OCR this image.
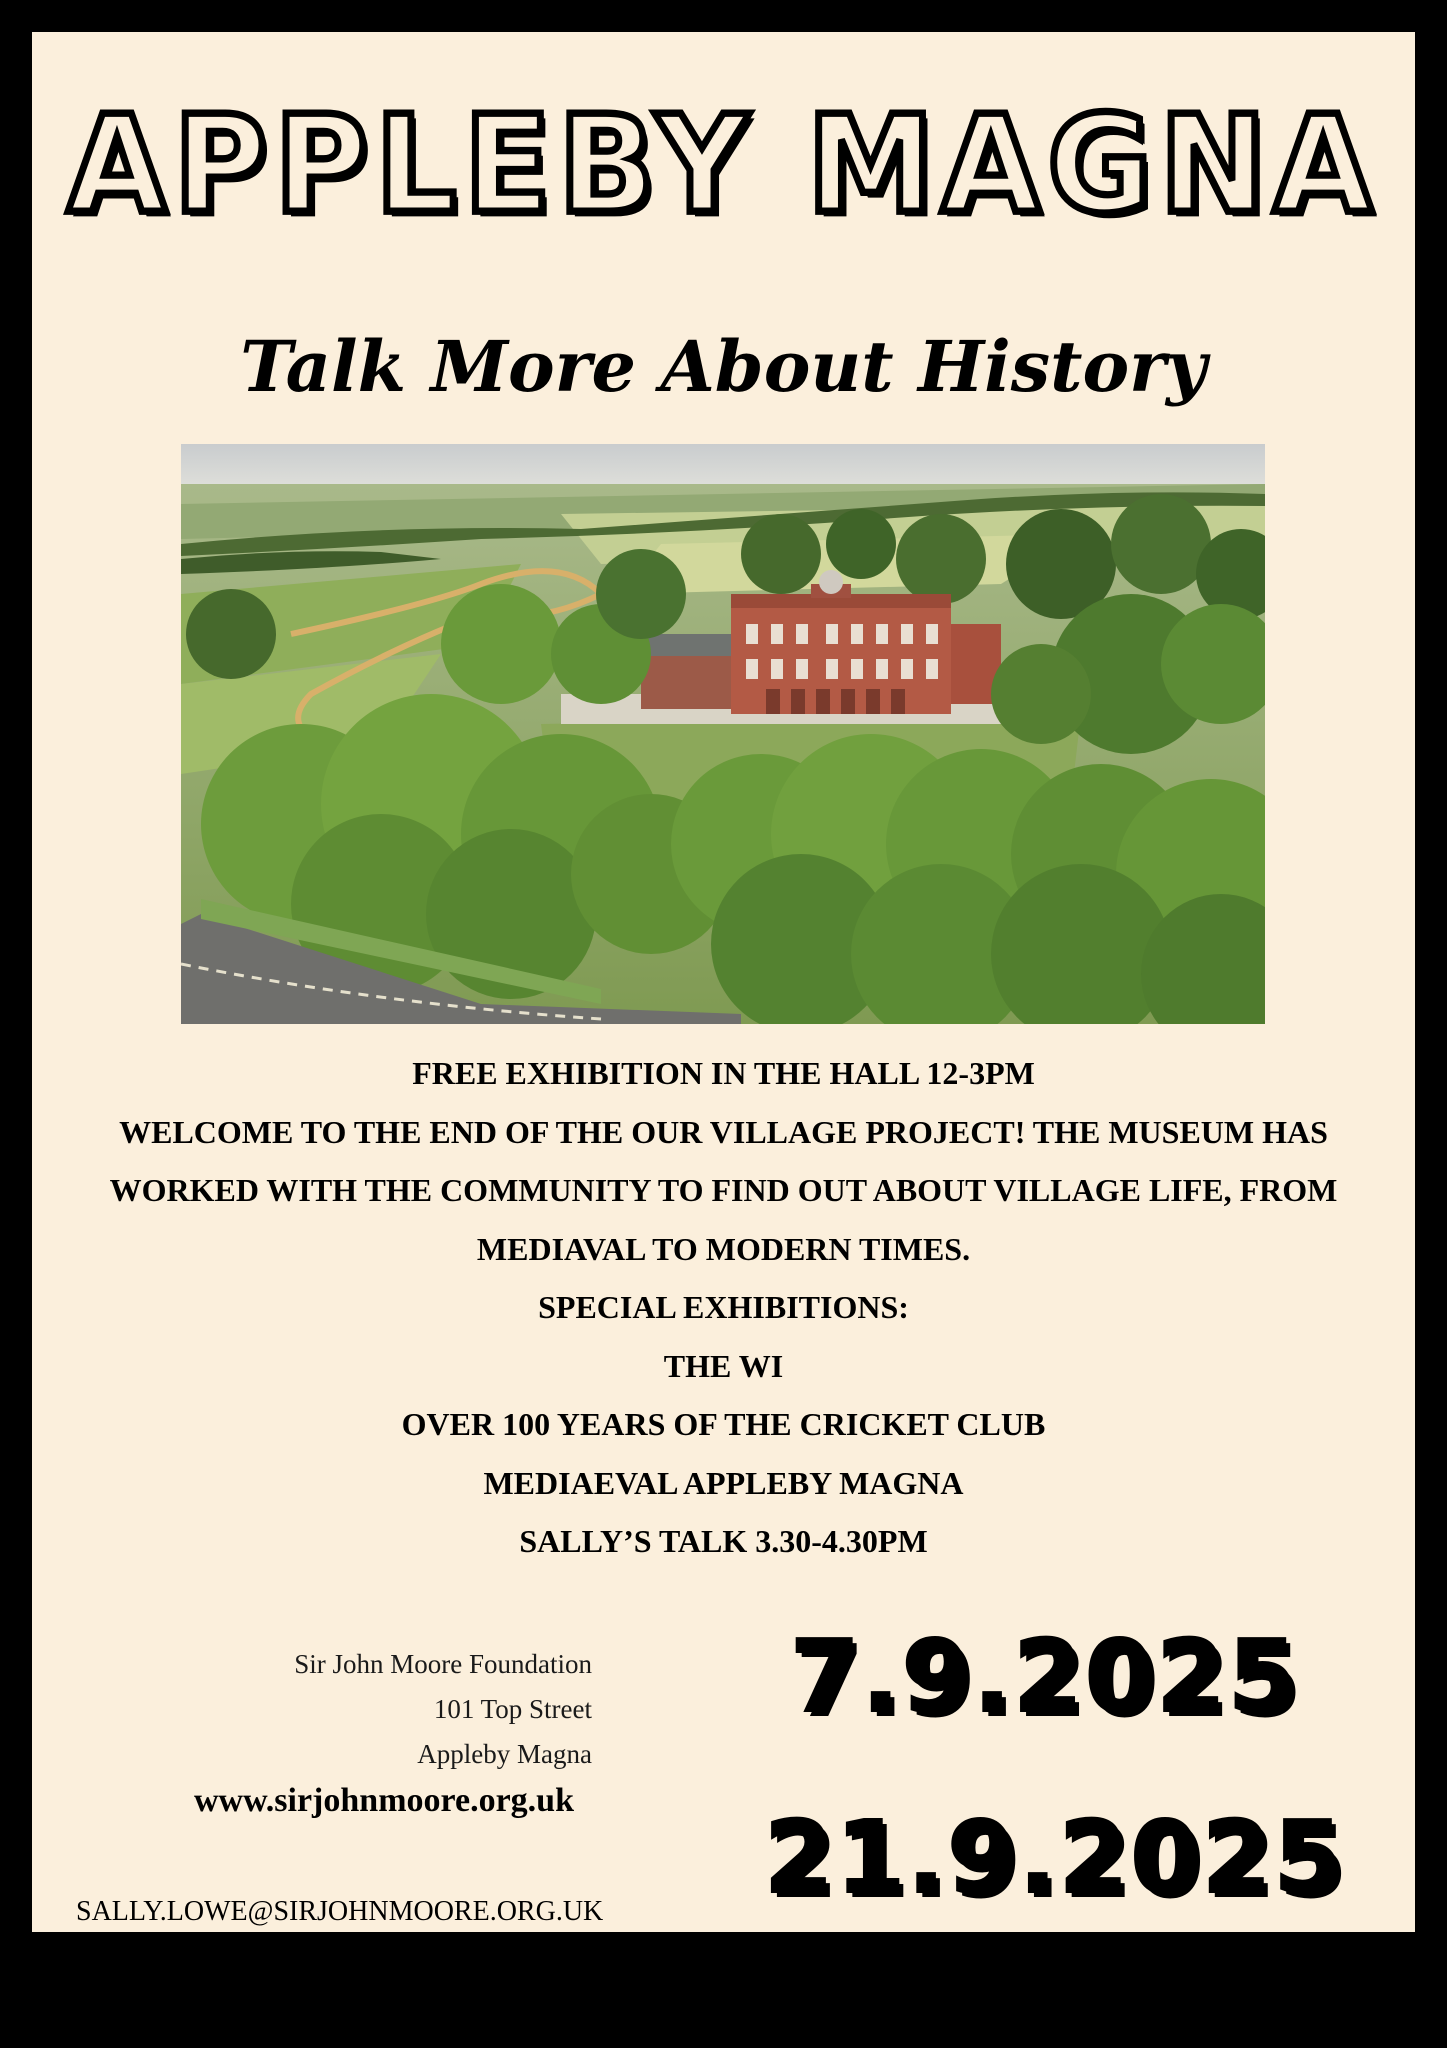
APPLEBY MAGNA
Talk More About History
FREE EXHIBITION IN THE HALL 12-3PM
WELCOME TO THE END OF THE OUR VILLAGE PROJECT! THE MUSEUM HAS
WORKED WITH THE COMMUNITY TO FIND OUT ABOUT VILLAGE LIFE, FROM
MEDIAVAL TO MODERN TIMES.
SPECIAL EXHIBITIONS:
THE WI
OVER 100 YEARS OF THE CRICKET CLUB
MEDIAEVAL APPLEBY MAGNA
SALLY’S TALK 3.30-4.30PM
Sir John Moore Foundation
101 Top Street
Appleby Magna
www.sirjohnmoore.org.uk
SALLY.LOWE@SIRJOHNMOORE.ORG.UK
7.9.2025
21.9.2025
